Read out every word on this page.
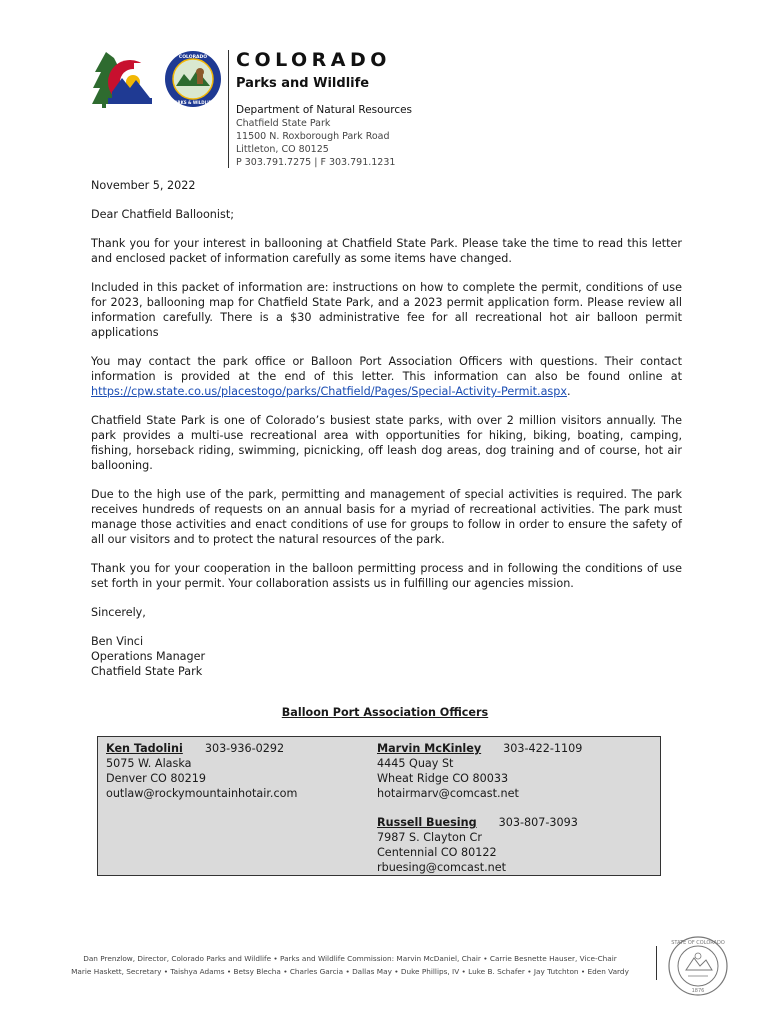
COLORADO
PARKS & WILDLIFE
COLORADO
Parks and Wildlife
Department of Natural Resources
Chatfield State Park
11500 N. Roxborough Park Road
Littleton, CO 80125
P 303.791.7275 | F 303.791.1231

November 5, 2022

Dear Chatfield Balloonist;

Thank you for your interest in ballooning at Chatfield State Park. Please take the time to read this letter and enclosed packet of information carefully as some items have changed.

Included in this packet of information are: instructions on how to complete the permit, conditions of use for 2023, ballooning map for Chatfield State Park, and a 2023 permit application form. Please review all information carefully. There is a $30 administrative fee for all recreational hot air balloon permit applications

You may contact the park office or Balloon Port Association Officers with questions. Their contact information is provided at the end of this letter. This information can also be found online at https://cpw.state.co.us/placestogo/parks/Chatfield/Pages/Special-Activity-Permit.aspx.

Chatfield State Park is one of Colorado’s busiest state parks, with over 2 million visitors annually. The park provides a multi-use recreational area with opportunities for hiking, biking, boating, camping, fishing, horseback riding, swimming, picnicking, off leash dog areas, dog training and of course, hot air ballooning.

Due to the high use of the park, permitting and management of special activities is required. The park receives hundreds of requests on an annual basis for a myriad of recreational activities. The park must manage those activities and enact conditions of use for groups to follow in order to ensure the safety of all our visitors and to protect the natural resources of the park.

Thank you for your cooperation in the balloon permitting process and in following the conditions of use set forth in your permit. Your collaboration assists us in fulfilling our agencies mission.

Sincerely,

Ben Vinci

Operations Manager

Chatfield State Park

Balloon Port Association Officers
Ken Tadolini 303-936-0292
5075 W. Alaska
Denver CO 80219
outlaw@rockymountainhotair.com
Marvin McKinley 303-422-1109
4445 Quay St
Wheat Ridge CO 80033
hotairmarv@comcast.net
Russell Buesing 303-807-3093
7987 S. Clayton Cr
Centennial CO 80122
rbuesing@comcast.net
Dan Prenzlow, Director, Colorado Parks and Wildlife • Parks and Wildlife Commission: Marvin McDaniel, Chair • Carrie Besnette Hauser, Vice-Chair
Marie Haskett, Secretary • Taishya Adams • Betsy Blecha • Charles Garcia • Dallas May • Duke Phillips, IV • Luke B. Schafer • Jay Tutchton • Eden Vardy
STATE OF COLORADO
1876
